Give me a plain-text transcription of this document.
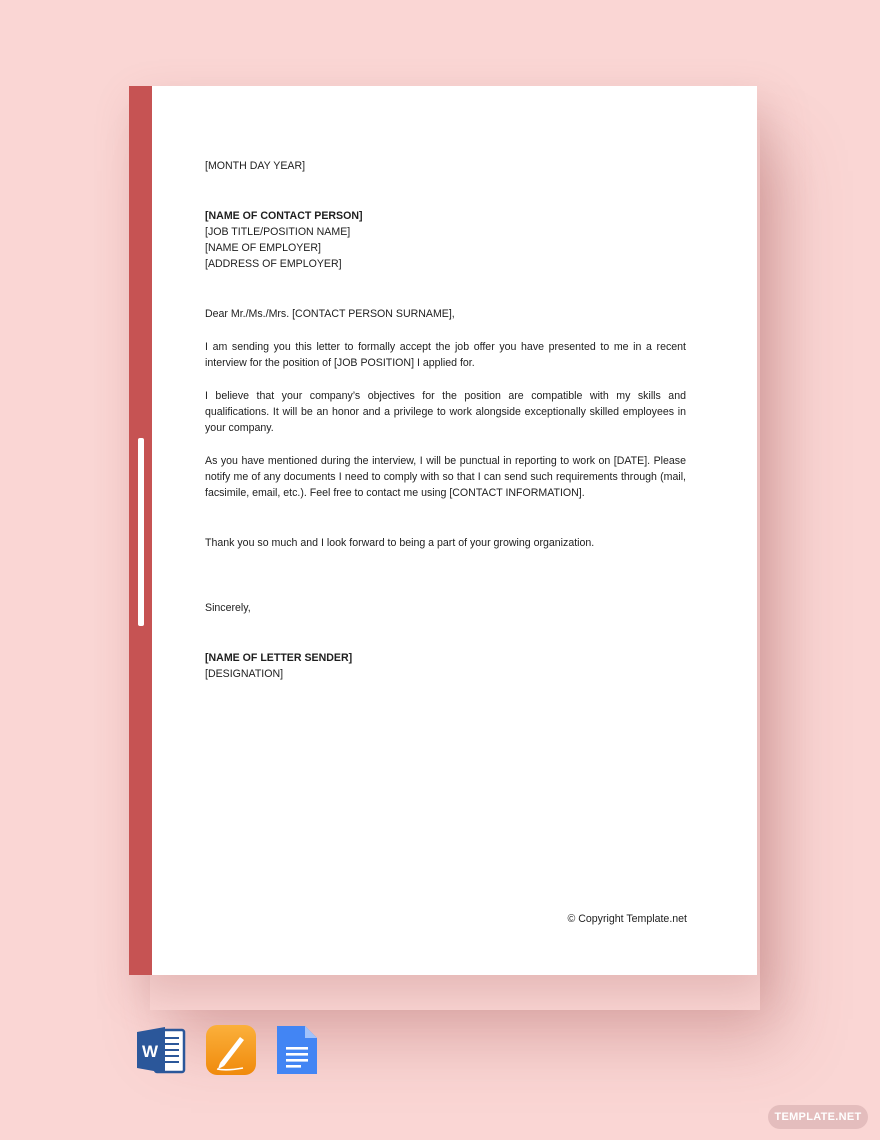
[MONTH DAY YEAR]

[NAME OF CONTACT PERSON]

[JOB TITLE/POSITION NAME]

[NAME OF EMPLOYER]

[ADDRESS OF EMPLOYER]

Dear Mr./Ms./Mrs. [CONTACT PERSON SURNAME],

I am sending you this letter to formally accept the job offer you have presented to me in a recent interview for the position of [JOB POSITION] I applied for.

I believe that your company’s objectives for the position are compatible with my skills and qualifications. It will be an honor and a privilege to work alongside exceptionally skilled employees in your company.

As you have mentioned during the interview, I will be punctual in reporting to work on [DATE]. Please notify me of any documents I need to comply with so that I can send such requirements through (mail, facsimile, email, etc.). Feel free to contact me using [CONTACT INFORMATION].

Thank you so much and I look forward to being a part of your growing organization.

Sincerely,

[NAME OF LETTER SENDER]

[DESIGNATION]

© Copyright Template.net
W
TEMPLATE.NET
